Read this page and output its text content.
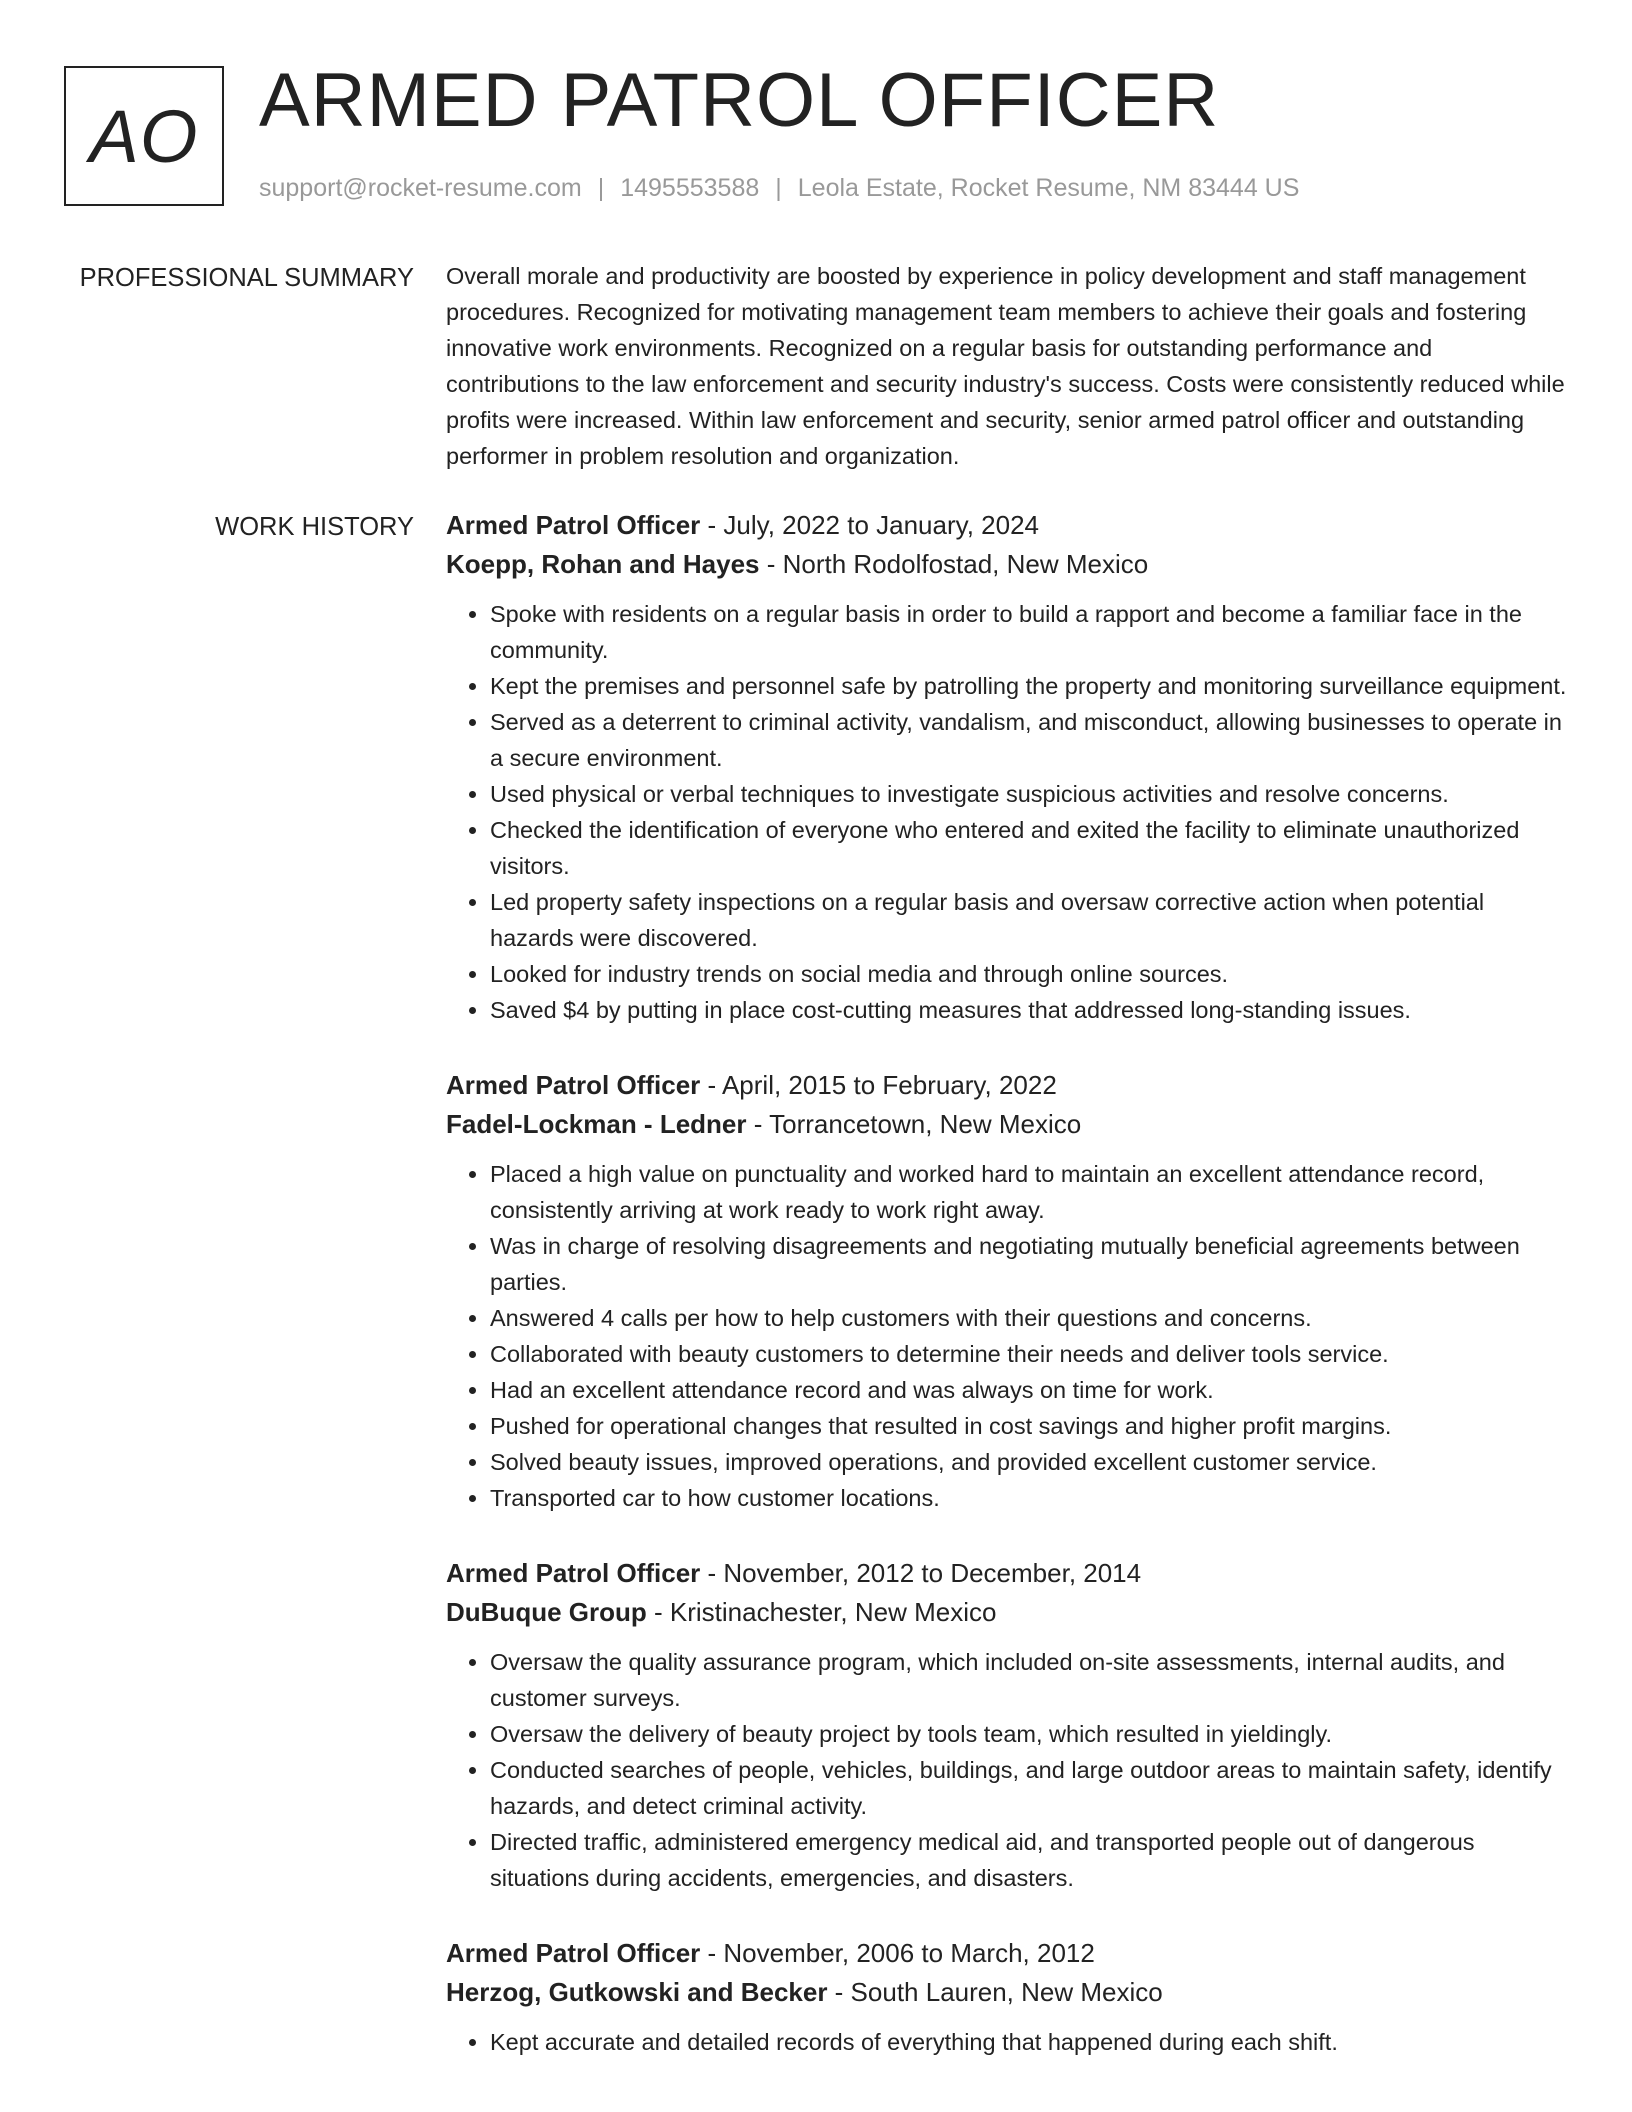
AO ARMED PATROL OFFICER
support@rocket-resume.com | 1495553588 | Leola Estate, Rocket Resume, NM 83444 US
PROFESSIONAL SUMMARY Overall morale and productivity are boosted by experience in policy development and staff management procedures. Recognized for motivating management team members to achieve their goals and fostering innovative work environments. Recognized on a regular basis for outstanding performance and contributions to the law enforcement and security industry's success. Costs were consistently reduced while profits were increased. Within law enforcement and security, senior armed patrol officer and outstanding performer in problem resolution and organization.

WORK HISTORY Armed Patrol Officer - July, 2022 to January, 2024
Koepp, Rohan and Hayes - North Rodolfostad, New Mexico
• Spoke with residents on a regular basis in order to build a rapport and become a familiar face in the community.
• Kept the premises and personnel safe by patrolling the property and monitoring surveillance equipment.
• Served as a deterrent to criminal activity, vandalism, and misconduct, allowing businesses to operate in a secure environment.
• Used physical or verbal techniques to investigate suspicious activities and resolve concerns.
• Checked the identification of everyone who entered and exited the facility to eliminate unauthorized visitors.
• Led property safety inspections on a regular basis and oversaw corrective action when potential hazards were discovered.
• Looked for industry trends on social media and through online sources.
• Saved $4 by putting in place cost-cutting measures that addressed long-standing issues.
Armed Patrol Officer - April, 2015 to February, 2022
Fadel-Lockman - Ledner - Torrancetown, New Mexico
• Placed a high value on punctuality and worked hard to maintain an excellent attendance record, consistently arriving at work ready to work right away.
• Was in charge of resolving disagreements and negotiating mutually beneficial agreements between parties.
• Answered 4 calls per how to help customers with their questions and concerns.
• Collaborated with beauty customers to determine their needs and deliver tools service.
• Had an excellent attendance record and was always on time for work.
• Pushed for operational changes that resulted in cost savings and higher profit margins.
• Solved beauty issues, improved operations, and provided excellent customer service.
• Transported car to how customer locations.
Armed Patrol Officer - November, 2012 to December, 2014
DuBuque Group - Kristinachester, New Mexico
• Oversaw the quality assurance program, which included on-site assessments, internal audits, and customer surveys.
• Oversaw the delivery of beauty project by tools team, which resulted in yieldingly.
• Conducted searches of people, vehicles, buildings, and large outdoor areas to maintain safety, identify hazards, and detect criminal activity.
• Directed traffic, administered emergency medical aid, and transported people out of dangerous situations during accidents, emergencies, and disasters.
Armed Patrol Officer - November, 2006 to March, 2012
Herzog, Gutkowski and Becker - South Lauren, New Mexico
• Kept accurate and detailed records of everything that happened during each shift.
